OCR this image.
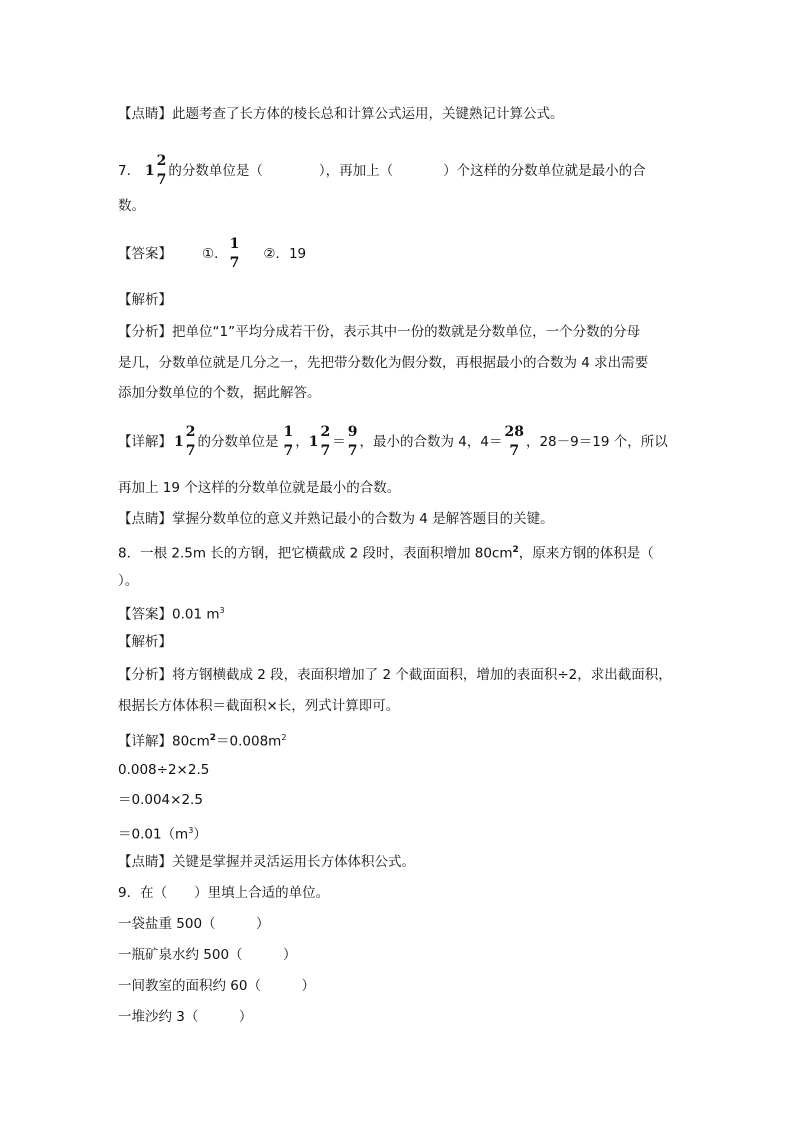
【点睛】此题考查了长方体的棱长总和计算公式运用，关键熟记计算公式。
7. 1
2
7
的分数单位是（	），再加上（	）个这样的分数单位就是最小的合
数。
【答案】 ①．
1
7
②．19
【解析】
【分析】把单位“1”平均分成若干份，表示其中一份的数就是分数单位，一个分数的分母
是几，分数单位就是几分之一，先把带分数化为假分数，再根据最小的合数为 4 求出需要
添加分数单位的个数，据此解答。
【详解】 1
2
7
的分数单位是
1
7
， 1
2
7
＝
9
7
，最小的合数为 4，4＝
28
7
，28－9＝19 个，所以
再加上 19 个这样的分数单位就是最小的合数。
【点睛】掌握分数单位的意义并熟记最小的合数为 4 是解答题目的关键。
8．一根 2.5m 长的方钢，把它横截成 2 段时，表面积增加 $80cm^2$，原来方钢的体积是（
）。
【答案】0.01 $m^3$
【解析】
【分析】将方钢横截成 2 段，表面积增加了 2 个截面面积，增加的表面积÷2，求出截面积，
根据长方体体积＝截面积×长，列式计算即可。
【详解】$80cm^2=0.008m^2$
0.008÷2×2.5
＝0.004×2.5
$=0.01(m^3)$
【点睛】关键是掌握并灵活运用长方体体积公式。
9．在（　　）里填上合适的单位。
一袋盐重 500（　　　）
一瓶矿泉水约 500（　　　）
一间教室的面积约 60（　　　）
一堆沙约 3（　　　）
